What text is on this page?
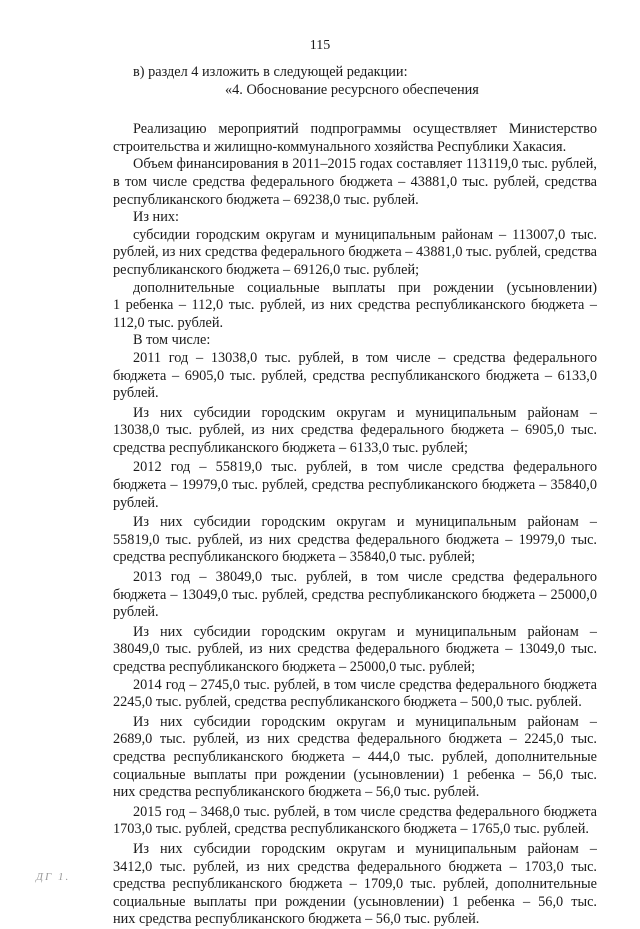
115

в) раздел 4 изложить в следующей редакции:

«4. Обоснование ресурсного обеспечения

Реализацию мероприятий подпрограммы осуществляет Министерство

строительства и жилищно-коммунального хозяйства Республики Хакасия.

Объем финансирования в 2011–2015 годах составляет 113119,0 тыс. рублей,

в том числе средства федерального бюджета – 43881,0 тыс. рублей, средства

республиканского бюджета – 69238,0 тыс. рублей.

Из них:

субсидии городским округам и муниципальным районам – 113007,0 тыс.

рублей, из них средства федерального бюджета – 43881,0 тыс. рублей, средства

республиканского бюджета – 69126,0 тыс. рублей;

дополнительные социальные выплаты при рождении (усыновлении)

1 ребенка – 112,0 тыс. рублей, из них средства республиканского бюджета –

112,0 тыс. рублей.

В том числе:

2011 год – 13038,0 тыс. рублей, в том числе – средства федерального

бюджета – 6905,0 тыс. рублей, средства республиканского бюджета – 6133,0

рублей.

Из них субсидии городским округам и муниципальным районам –

13038,0 тыс. рублей, из них средства федерального бюджета – 6905,0 тыс.

средства республиканского бюджета – 6133,0 тыс. рублей;

2012 год – 55819,0 тыс. рублей, в том числе средства федерального

бюджета – 19979,0 тыс. рублей, средства республиканского бюджета – 35840,0

рублей.

Из них субсидии городским округам и муниципальным районам –

55819,0 тыс. рублей, из них средства федерального бюджета – 19979,0 тыс.

средства республиканского бюджета – 35840,0 тыс. рублей;

2013 год – 38049,0 тыс. рублей, в том числе средства федерального

бюджета – 13049,0 тыс. рублей, средства республиканского бюджета – 25000,0

рублей.

Из них субсидии городским округам и муниципальным районам –

38049,0 тыс. рублей, из них средства федерального бюджета – 13049,0 тыс.

средства республиканского бюджета – 25000,0 тыс. рублей;

2014 год – 2745,0 тыс. рублей, в том числе средства федерального бюджета

2245,0 тыс. рублей, средства республиканского бюджета – 500,0 тыс. рублей.

Из них субсидии городским округам и муниципальным районам –

2689,0 тыс. рублей, из них средства федерального бюджета – 2245,0 тыс.

средства республиканского бюджета – 444,0 тыс. рублей, дополнительные

социальные выплаты при рождении (усыновлении) 1 ребенка – 56,0 тыс.

них средства республиканского бюджета – 56,0 тыс. рублей.

2015 год – 3468,0 тыс. рублей, в том числе средства федерального бюджета

1703,0 тыс. рублей, средства республиканского бюджета – 1765,0 тыс. рублей.

Из них субсидии городским округам и муниципальным районам –

3412,0 тыс. рублей, из них средства федерального бюджета – 1703,0 тыс.

средства республиканского бюджета – 1709,0 тыс. рублей, дополнительные

социальные выплаты при рождении (усыновлении) 1 ребенка – 56,0 тыс.

них средства республиканского бюджета – 56,0 тыс. рублей.

ДГ 1.
